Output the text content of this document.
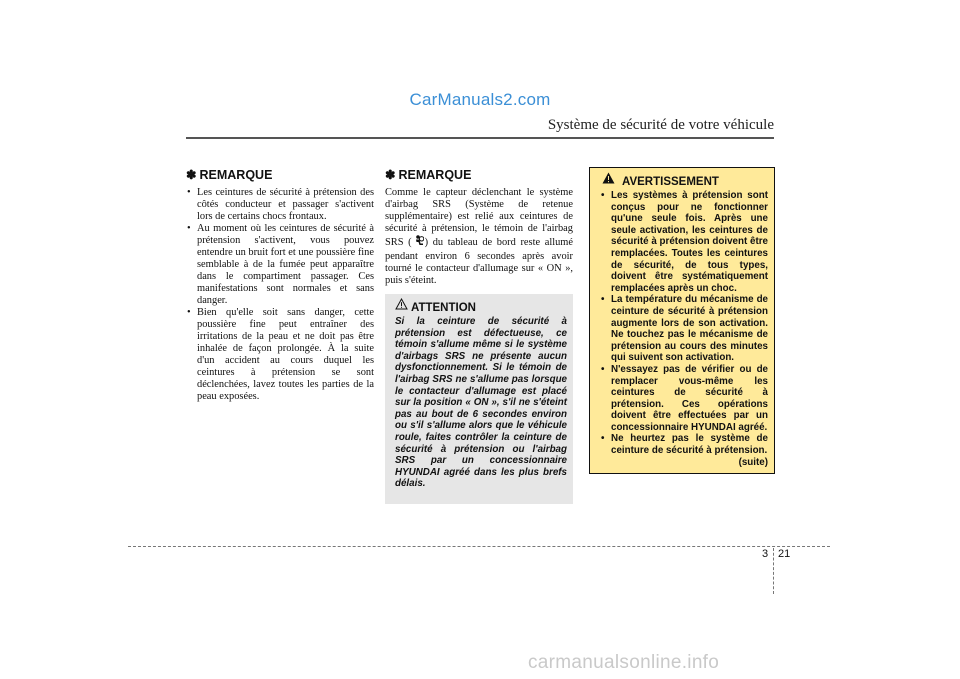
CarManuals2.com
Système de sécurité de votre véhicule
✽ REMARQUE
• Les ceintures de sécurité à prétension des côtés conducteur et passager s'activent lors de certains chocs frontaux.
• Au moment où les ceintures de sécurité à prétension s'activent, vous pouvez entendre un bruit fort et une poussière fine semblable à de la fumée peut apparaître dans le compartiment passager. Ces manifestations sont normales et sans danger.
• Bien qu'elle soit sans danger, cette poussière fine peut entraîner des irritations de la peau et ne doit pas être inhalée de façon prolongée. À la suite d'un accident au cours duquel les ceintures à prétension se sont déclenchées, lavez toutes les parties de la peau exposées.
✽ REMARQUE

Comme le capteur déclenchant le système d'airbag SRS (Système de retenue supplémentaire) est relié aux ceintures de sécurité à prétension, le témoin de l'airbag SRS ( ) du tableau de bord reste allumé pendant environ 6 secondes après avoir tourné le contacteur d'allumage sur « ON », puis s'éteint.

ATTENTION
Si la ceinture de sécurité à prétension est défectueuse, ce témoin s'allume même si le système d'airbags SRS ne présente aucun dysfonctionnement. Si le témoin de l'airbag SRS ne s'allume pas lorsque le contacteur d'allumage est placé sur la position « ON », s'il ne s'éteint pas au bout de 6 secondes environ ou s'il s'allume alors que le véhicule roule, faites contrôler la ceinture de sécurité à prétension ou l'airbag SRS par un concessionnaire HYUNDAI agréé dans les plus brefs délais.
AVERTISSEMENT
• Les systèmes à prétension sont conçus pour ne fonctionner qu'une seule fois. Après une seule activation, les ceintures de sécurité à prétension doivent être remplacées. Toutes les ceintures de sécurité, de tous types, doivent être systématiquement remplacées après un choc.
• La température du mécanisme de ceinture de sécurité à prétension augmente lors de son activation. Ne touchez pas le mécanisme de prétension au cours des minutes qui suivent son activation.
• N'essayez pas de vérifier ou de remplacer vous-même les ceintures de sécurité à prétension. Ces opérations doivent être effectuées par un concessionnaire HYUNDAI agréé.
• Ne heurtez pas le système de ceinture de sécurité à prétension.
(suite)
3 21
carmanualsonline.info
